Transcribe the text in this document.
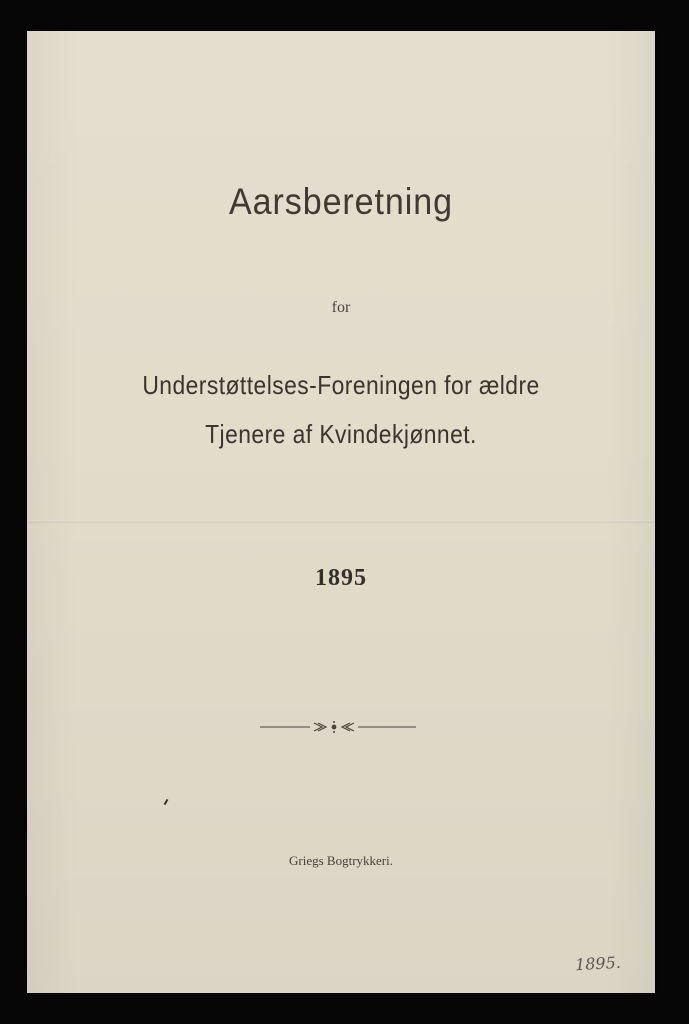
Aarsberetning
for
Understøttelses-Foreningen for ældre
Tjenere af Kvindekjønnet.
1895
Griegs Bogtrykkeri.
1895.
